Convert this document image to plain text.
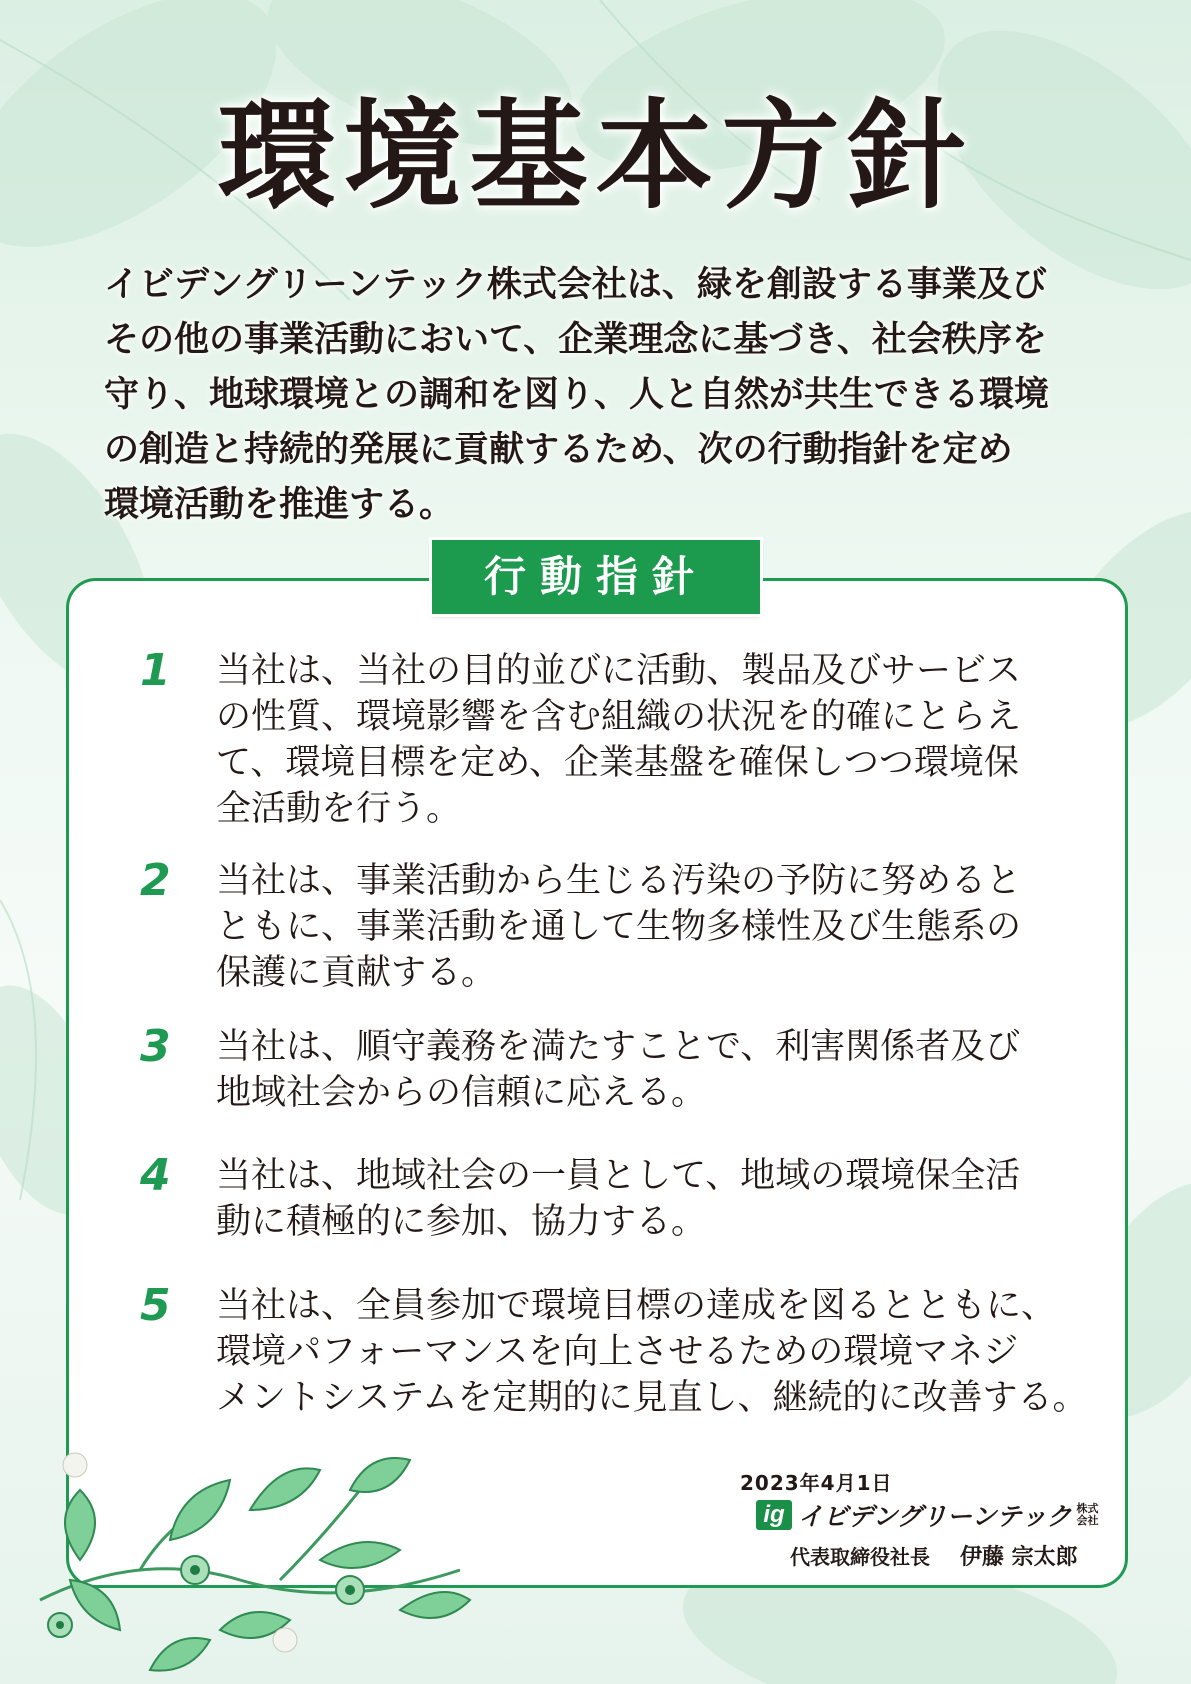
環境基本方針
イビデングリーンテック株式会社は、緑を創設する事業及び
その他の事業活動において、企業理念に基づき、社会秩序を
守り、地球環境との調和を図り、人と自然が共生できる環境
の創造と持続的発展に貢献するため、次の行動指針を定め
環境活動を推進する。
行動指針
1 当社は、当社の目的並びに活動、製品及びサービス
の性質、環境影響を含む組織の状況を的確にとらえ
て、環境目標を定め、企業基盤を確保しつつ環境保
全活動を行う。
2 当社は、事業活動から生じる汚染の予防に努めると
ともに、事業活動を通して生物多様性及び生態系の
保護に貢献する。
3 当社は、順守義務を満たすことで、利害関係者及び
地域社会からの信頼に応える。
4 当社は、地域社会の一員として、地域の環境保全活
動に積極的に参加、協力する。
5 当社は、全員参加で環境目標の達成を図るとともに、
環境パフォーマンスを向上させるための環境マネジ
メントシステムを定期的に見直し、継続的に改善する。
2023年4月1日
ig イビデングリーンテック 株式
会社
代表取締役社長 伊藤 宗太郎
